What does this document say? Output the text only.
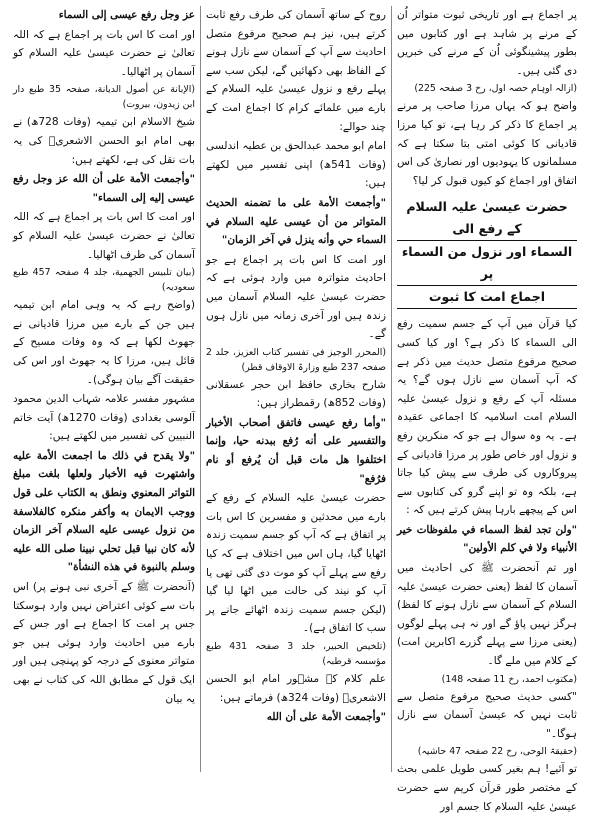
پر اجماع ہے اور تاریخی ثبوت متواتر اُن کے مرنے پر شاہد ہے اور کتابوں میں بطور پیشینگوئی اُن کے مرنے کی خبریں دی گئی ہیں۔

(ازالہ اوہام حصہ اول، رخ 3 صفحہ 225)

واضح ہو کہ یہاں مرزا صاحب پر مرنے پر اجماع کا ذکر کر رہا ہے، تو کیا مرزا قادیانی کا کوئی امتی بتا سکتا ہے کہ مسلمانوں کا یہودیوں اور نصاریٰ کی اس اتفاق اور اجماع کو کیوں قبول کر لیا؟

حضرت عیسیٰ علیہ السلام کے رفع الی
السماء اور نزول من السماء پر
اجماع امت کا ثبوت

کیا قرآن میں آپ کے جسم سمیت رفع الی السماء کا ذکر ہے؟ اور کیا کسی صحیح مرفوع متصل حدیث میں ذکر ہے کہ آپ آسمان سے نازل ہوں گے؟ یہ مسئلہ آپ کے رفع و نزول عیسیٰ علیہ السلام امت اسلامیہ کا اجماعی عقیدہ ہے۔ یہ وہ سوال ہے جو کہ منکرین رفع و نزول اور خاص طور پر مرزا قادیانی کے پیروکاروں کی طرف سے پیش کیا جاتا ہے، بلکہ وہ تو اپنے گرو کی کتابوں سے اس کے پیچھے بارہا پیش کرتے ہیں کہ :

"ولن تجد لفظ السماء في ملفوظات خير الأنبياء ولا في كلم الأولين"

اور تم آنحضرت ﷺ کی احادیث میں آسمان کا لفظ (یعنی حضرت عیسیٰ علیہ السلام کے آسمان سے نازل ہونے کا لفظ) ہرگز نہیں پاؤ گے اور نہ ہی پہلے لوگوں (یعنی مرزا سے پہلے گزرے اکابرین امت) کے کلام میں ملے گا۔

(مکتوب احمد، رخ 11 صفحہ 148)

"کسی حدیث صحیح مرفوع متصل سے ثابت نہیں کہ عیسیٰ آسمان سے نازل ہوگا۔"

(حقیقۃ الوحی، رخ 22 صفحہ 47 حاشیہ)

تو آئیے! ہم بغیر کسی طویل علمی بحث کے مختصر طور قرآن کریم سے حضرت عیسیٰ علیہ السلام کا جسم اور

روح کے ساتھ آسمان کی طرف رفع ثابت کرتے ہیں، نیز ہم صحیح مرفوع متصل احادیث سے آپ کے آسمان سے نازل ہونے کے الفاظ بھی دکھائیں گے، لیکن سب سے پہلے رفع و نزول عیسیٰ علیہ السلام کے بارے میں علمائے کرام کا اجماع امت کے چند حوالے:

امام ابو محمد عبدالحق بن عطیہ اندلسی (وفات 541ھ) اپنی تفسیر میں لکھتے ہیں:

"وأجمعت الأمة على ما تضمنه الحديث المتواتر من أن عيسى عليه السلام في السماء حي وأنه ينزل في آخر الزمان"

اور امت کا اس بات پر اجماع ہے جو احادیث متواترہ میں وارد ہوئی ہے کہ حضرت عیسیٰ علیہ السلام آسمان میں زندہ ہیں اور آخری زمانہ میں نازل ہوں گے۔

(المحرر الوجيز في تفسير كتاب العزيز، جلد 2 صفحہ 237 طبع وزارۃ الاوقاف قطر)

شارح بخاری حافظ ابن حجر عسقلانی (وفات 852ھ) رقمطراز ہیں:

"وأما رفع عيسى فاتفق أصحاب الأخبار والتفسير على أنه رُفع ببدنه حيا، وإنما اختلفوا هل مات قبل أن يُرفع أو نام فرُفع"

حضرت عیسیٰ علیہ السلام کے رفع کے بارے میں محدثین و مفسرین کا اس بات پر اتفاق ہے کہ آپ کو جسم سمیت زندہ اٹھایا گیا، ہاں اس میں اختلاف ہے کہ کیا رفع سے پہلے آپ کو موت دی گئی تھی یا آپ کو نیند کی حالت میں اٹھا لیا گیا (لیکن جسم سمیت زندہ اٹھائے جانے پر سب کا اتفاق ہے)۔

(تلخیص الحبیر، جلد 3 صفحہ 431 طبع مؤسسہ قرطبہ)

علم کلام کے مشہور امام ابو الحسن الاشعریؒ (وفات 324ھ) فرماتے ہیں:

"وأجمعت الأمة على أن الله

عز وجل رفع عيسى إلى السماء

اور امت کا اس بات پر اجماع ہے کہ اللہ تعالیٰ نے حضرت عیسیٰ علیہ السلام کو آسمان پر اٹھالیا۔

(الإبانة عن أصول الديانة، صفحہ 35 طبع دار ابن زیدون، بیروت)

شیخ الاسلام ابن تیمیہ (وفات 728ھ) نے بھی امام ابو الحسن الاشعریؒ کی یہ بات نقل کی ہے، لکھتے ہیں:

"وأجمعت الأمة على أن الله عز وجل رفع عيسى إليه إلى السماء"

اور امت کا اس بات پر اجماع ہے کہ اللہ تعالیٰ نے حضرت عیسیٰ علیہ السلام کو آسمان کی طرف اٹھالیا۔

(بیان تلبیس الجھمیة، جلد 4 صفحہ 457 طبع سعودیہ)

(واضح رہے کہ یہ وہی امام ابن تیمیہ ہیں جن کے بارے میں مرزا قادیانی نے جھوٹ لکھا ہے کہ وہ وفات مسیح کے قائل ہیں، مرزا کا یہ جھوٹ اور اس کی حقیقت آگے بیان ہوگی)۔

مشہور مفسر علامہ شہاب الدین محمود آلوسی بغدادی (وفات 1270ھ) آیت خاتم النبیین کی تفسیر میں لکھتے ہیں:

"ولا يقدح في ذلك ما اجمعت الأمة عليه واشتهرت فيه الأخبار ولعلها بلغت مبلغ التواتر المعنوي ونطق به الكتاب على قول ووجب الايمان به وأكفر منكره كالفلاسفة من نزول عيسى عليه السلام آخر الزمان لأنه كان نبيا قبل تحلي نبينا صلى الله عليه وسلم بالنبوة في هذه النشأة"

(آنحضرت ﷺ کے آخری نبی ہونے پر) اس بات سے کوئی اعتراض نہیں وارد ہوسکتا جس پر امت کا اجماع ہے اور جس کے بارے میں احادیث وارد ہوئی ہیں جو متواتر معنوی کے درجہ کو پہنچی ہیں اور ایک قول کے مطابق اللہ کی کتاب نے بھی یہ بیان
